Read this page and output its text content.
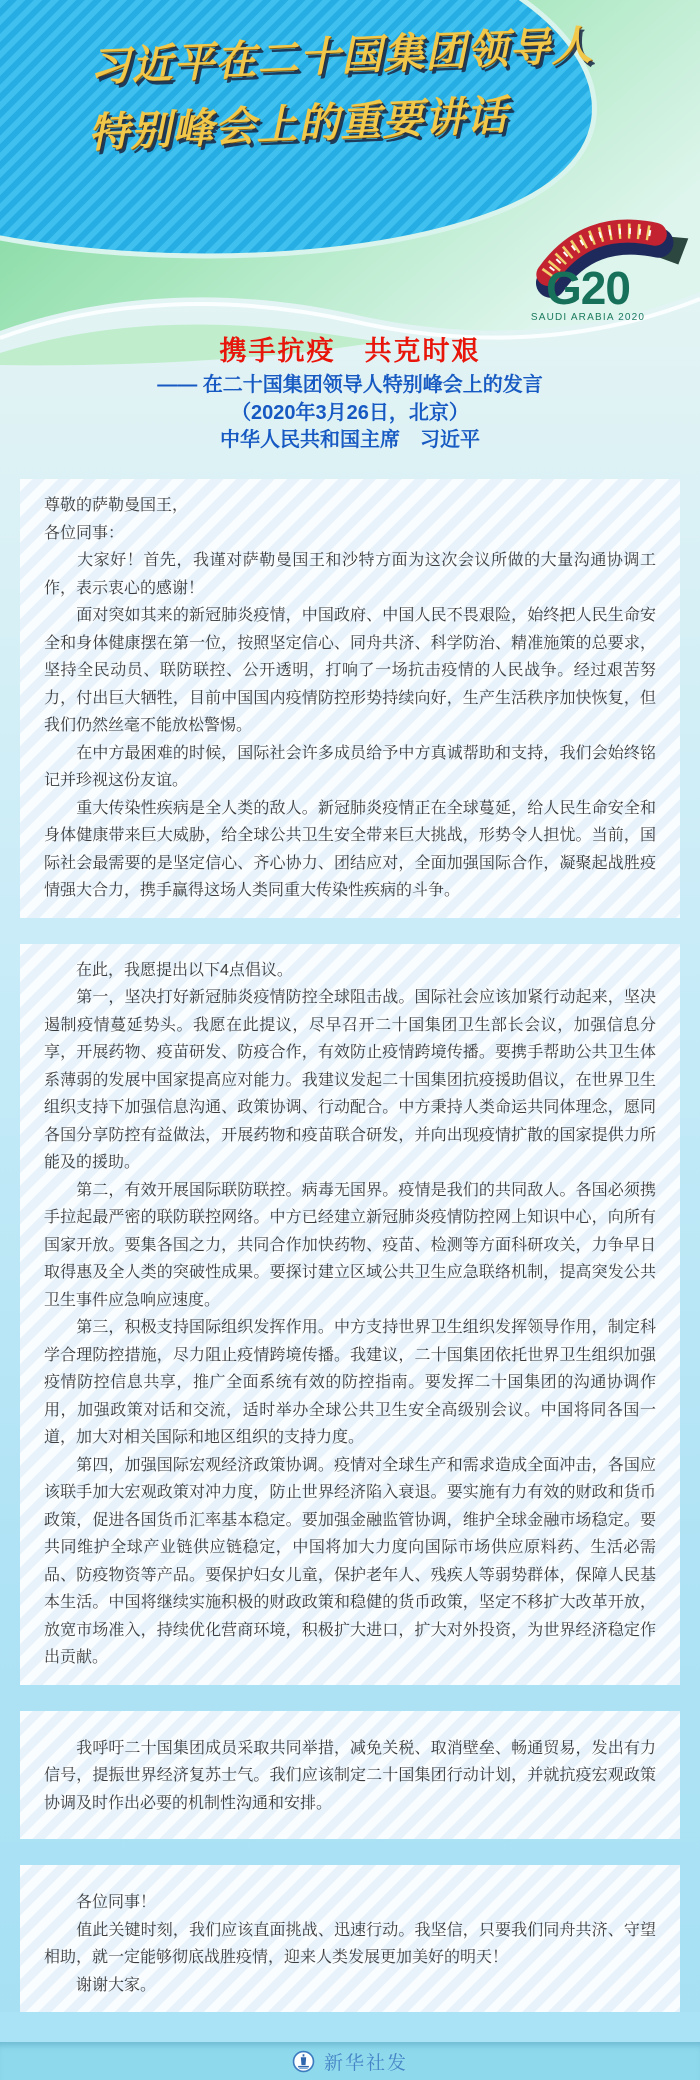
G20
SAUDI ARABIA 2020
习近平在二十国集团领导人
特别峰会上的重要讲话
携手抗疫　共克时艰
—— 在二十国集团领导人特别峰会上的发言
（2020年3月26日，北京）
中华人民共和国主席　习近平

尊敬的萨勒曼国王，

各位同事：

　　大家好！首先，我谨对萨勒曼国王和沙特方面为这次会议所做的大量沟通协调工作，表示衷心的感谢！

　　面对突如其来的新冠肺炎疫情，中国政府、中国人民不畏艰险，始终把人民生命安全和身体健康摆在第一位，按照坚定信心、同舟共济、科学防治、精准施策的总要求，坚持全民动员、联防联控、公开透明，打响了一场抗击疫情的人民战争。经过艰苦努力，付出巨大牺牲，目前中国国内疫情防控形势持续向好，生产生活秩序加快恢复，但我们仍然丝毫不能放松警惕。

　　在中方最困难的时候，国际社会许多成员给予中方真诚帮助和支持，我们会始终铭记并珍视这份友谊。

　　重大传染性疾病是全人类的敌人。新冠肺炎疫情正在全球蔓延，给人民生命安全和身体健康带来巨大威胁，给全球公共卫生安全带来巨大挑战，形势令人担忧。当前，国际社会最需要的是坚定信心、齐心协力、团结应对，全面加强国际合作，凝聚起战胜疫情强大合力，携手赢得这场人类同重大传染性疾病的斗争。

　　在此，我愿提出以下4点倡议。

　　第一，坚决打好新冠肺炎疫情防控全球阻击战。国际社会应该加紧行动起来，坚决遏制疫情蔓延势头。我愿在此提议，尽早召开二十国集团卫生部长会议，加强信息分享，开展药物、疫苗研发、防疫合作，有效防止疫情跨境传播。要携手帮助公共卫生体系薄弱的发展中国家提高应对能力。我建议发起二十国集团抗疫援助倡议，在世界卫生组织支持下加强信息沟通、政策协调、行动配合。中方秉持人类命运共同体理念，愿同各国分享防控有益做法，开展药物和疫苗联合研发，并向出现疫情扩散的国家提供力所能及的援助。

　　第二，有效开展国际联防联控。病毒无国界。疫情是我们的共同敌人。各国必须携手拉起最严密的联防联控网络。中方已经建立新冠肺炎疫情防控网上知识中心，向所有国家开放。要集各国之力，共同合作加快药物、疫苗、检测等方面科研攻关，力争早日取得惠及全人类的突破性成果。要探讨建立区域公共卫生应急联络机制，提高突发公共卫生事件应急响应速度。

　　第三，积极支持国际组织发挥作用。中方支持世界卫生组织发挥领导作用，制定科学合理防控措施，尽力阻止疫情跨境传播。我建议，二十国集团依托世界卫生组织加强疫情防控信息共享，推广全面系统有效的防控指南。要发挥二十国集团的沟通协调作用，加强政策对话和交流，适时举办全球公共卫生安全高级别会议。中国将同各国一道，加大对相关国际和地区组织的支持力度。

　　第四，加强国际宏观经济政策协调。疫情对全球生产和需求造成全面冲击，各国应该联手加大宏观政策对冲力度，防止世界经济陷入衰退。要实施有力有效的财政和货币政策，促进各国货币汇率基本稳定。要加强金融监管协调，维护全球金融市场稳定。要共同维护全球产业链供应链稳定，中国将加大力度向国际市场供应原料药、生活必需品、防疫物资等产品。要保护妇女儿童，保护老年人、残疾人等弱势群体，保障人民基本生活。中国将继续实施积极的财政政策和稳健的货币政策，坚定不移扩大改革开放，放宽市场准入，持续优化营商环境，积极扩大进口，扩大对外投资，为世界经济稳定作出贡献。

　　我呼吁二十国集团成员采取共同举措，减免关税、取消壁垒、畅通贸易，发出有力信号，提振世界经济复苏士气。我们应该制定二十国集团行动计划，并就抗疫宏观政策协调及时作出必要的机制性沟通和安排。

　　各位同事！

　　值此关键时刻，我们应该直面挑战、迅速行动。我坚信，只要我们同舟共济、守望相助，就一定能够彻底战胜疫情，迎来人类发展更加美好的明天！

　　谢谢大家。

新华社发
